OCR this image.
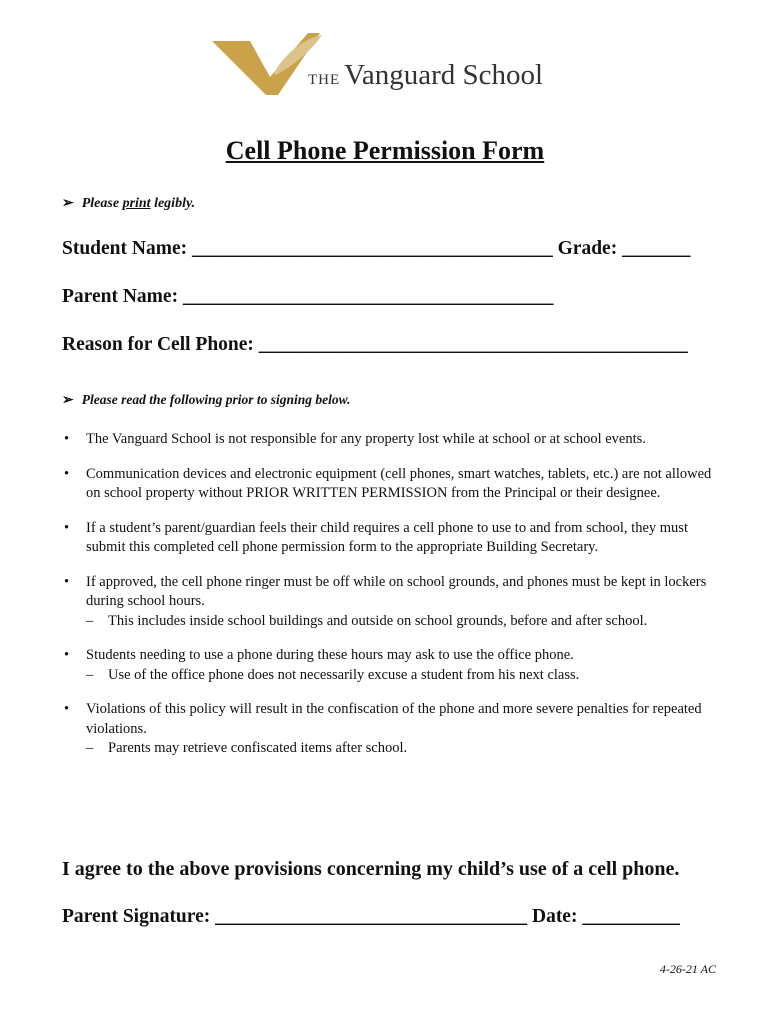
THE Vanguard School
Cell Phone Permission Form
➢ Please print legibly.
Student Name: _____________________________________ Grade: _______
Parent Name: ______________________________________
Reason for Cell Phone: ____________________________________________
➢ Please read the following prior to signing below.
• The Vanguard School is not responsible for any property lost while at school or at school events.
• Communication devices and electronic equipment (cell phones, smart watches, tablets, etc.) are not allowed on school property without PRIOR WRITTEN PERMISSION from the Principal or their designee.
• If a student’s parent/guardian feels their child requires a cell phone to use to and from school, they must submit this completed cell phone permission form to the appropriate Building Secretary.
• If approved, the cell phone ringer must be off while on school grounds, and phones must be kept in lockers during school hours.
– This includes inside school buildings and outside on school grounds, before and after school.
• Students needing to use a phone during these hours may ask to use the office phone.
– Use of the office phone does not necessarily excuse a student from his next class.
• Violations of this policy will result in the confiscation of the phone and more severe penalties for repeated violations.
– Parents may retrieve confiscated items after school.
I agree to the above provisions concerning my child’s use of a cell phone.
Parent Signature: ________________________________ Date: __________
4-26-21 AC
